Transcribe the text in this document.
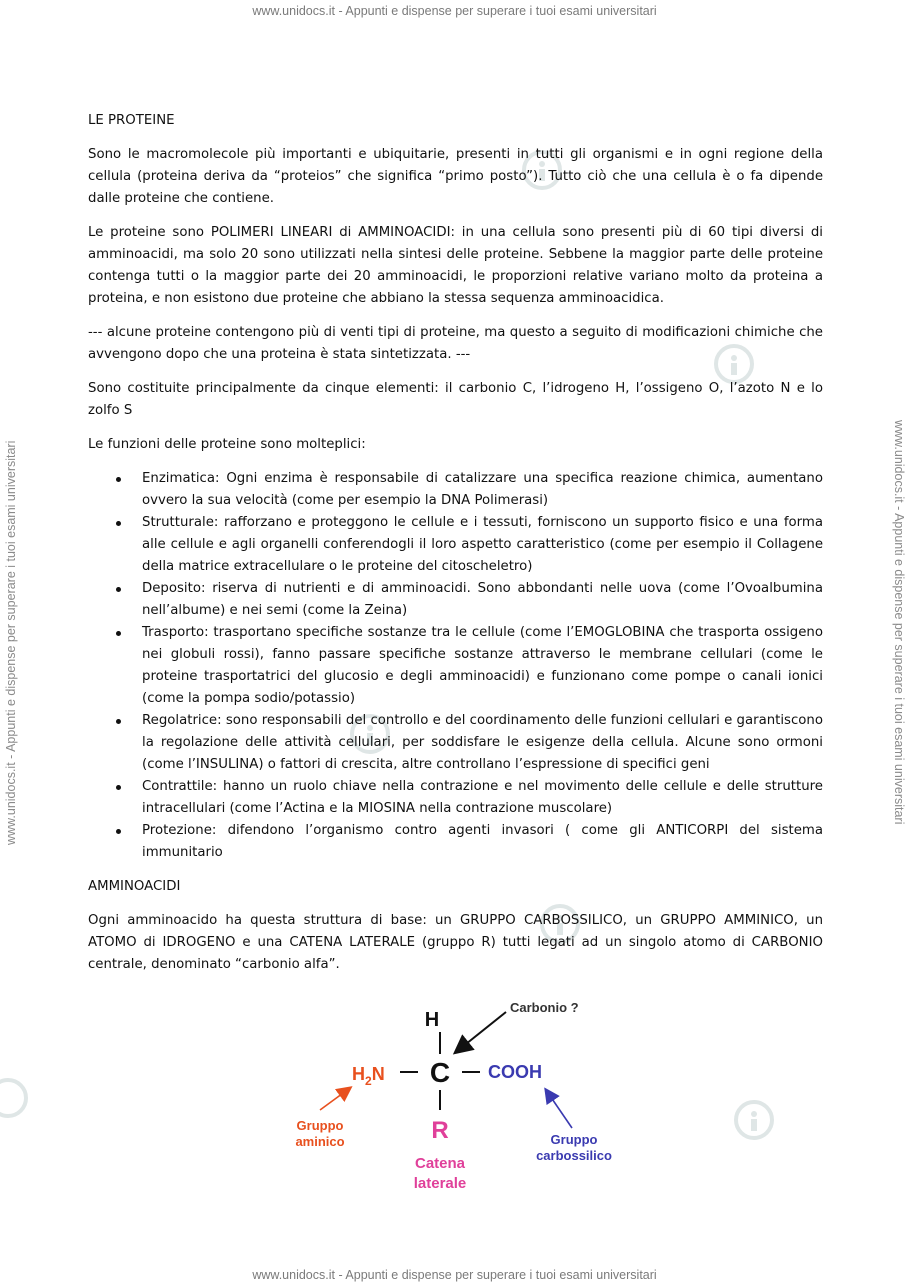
www.unidocs.it - Appunti e dispense per superare i tuoi esami universitari
www.unidocs.it - Appunti e dispense per superare i tuoi esami universitari	www.unidocs.it - Appunti e dispense per superare i tuoi esami universitari
LE PROTEINE

Sono le macromolecole più importanti e ubiquitarie, presenti in tutti gli organismi e in ogni regione della cellula (proteina deriva da “proteios” che significa “primo posto”). Tutto ciò che una cellula è o fa dipende dalle proteine che contiene.

Le proteine sono POLIMERI LINEARI di AMMINOACIDI: in una cellula sono presenti più di 60 tipi diversi di amminoacidi, ma solo 20 sono utilizzati nella sintesi delle proteine. Sebbene la maggior parte delle proteine contenga tutti o la maggior parte dei 20 amminoacidi, le proporzioni relative variano molto da proteina a proteina, e non esistono due proteine che abbiano la stessa sequenza amminoacidica.

--- alcune proteine contengono più di venti tipi di proteine, ma questo a seguito di modificazioni chimiche che avvengono dopo che una proteina è stata sintetizzata. ---

Sono costituite principalmente da cinque elementi: il carbonio C, l’idrogeno H, l’ossigeno O, l’azoto N e lo zolfo S

Le funzioni delle proteine sono molteplici:

Enzimatica: Ogni enzima è responsabile di catalizzare una specifica reazione chimica, aumentano ovvero la sua velocità (come per esempio la DNA Polimerasi)
Strutturale: rafforzano e proteggono le cellule e i tessuti, forniscono un supporto fisico e una forma alle cellule e agli organelli conferendogli il loro aspetto caratteristico (come per esempio il Collagene della matrice extracellulare o le proteine del citoscheletro)
Deposito: riserva di nutrienti e di amminoacidi. Sono abbondanti nelle uova (come l’Ovoalbumina nell’albume) e nei semi (come la Zeina)
Trasporto: trasportano specifiche sostanze tra le cellule (come l’EMOGLOBINA che trasporta ossigeno nei globuli rossi), fanno passare specifiche sostanze attraverso le membrane cellulari (come le proteine trasportatrici del glucosio e degli amminoacidi) e funzionano come pompe o canali ionici (come la pompa sodio/potassio)
Regolatrice: sono responsabili del controllo e del coordinamento delle funzioni cellulari e garantiscono la regolazione delle attività cellulari, per soddisfare le esigenze della cellula. Alcune sono ormoni (come l’INSULINA) o fattori di crescita, altre controllano l’espressione di specifici geni
Contrattile: hanno un ruolo chiave nella contrazione e nel movimento delle cellule e delle strutture intracellulari (come l’Actina e la MIOSINA nella contrazione muscolare)
Protezione: difendono l’organismo contro agenti invasori ( come gli ANTICORPI del sistema immunitario
AMMINOACIDI

Ogni amminoacido ha questa struttura di base: un GRUPPO CARBOSSILICO, un GRUPPO AMMINICO, un ATOMO di IDROGENO e una CATENA LATERALE (gruppo R) tutti legati ad un singolo atomo di CARBONIO centrale, denominato “carbonio alfa”.

H
C
$H_2N$	COOH
R
Carbonio ?
Gruppo
aminico
Catena
laterale
Gruppo
carbossilico
www.unidocs.it - Appunti e dispense per superare i tuoi esami universitari
